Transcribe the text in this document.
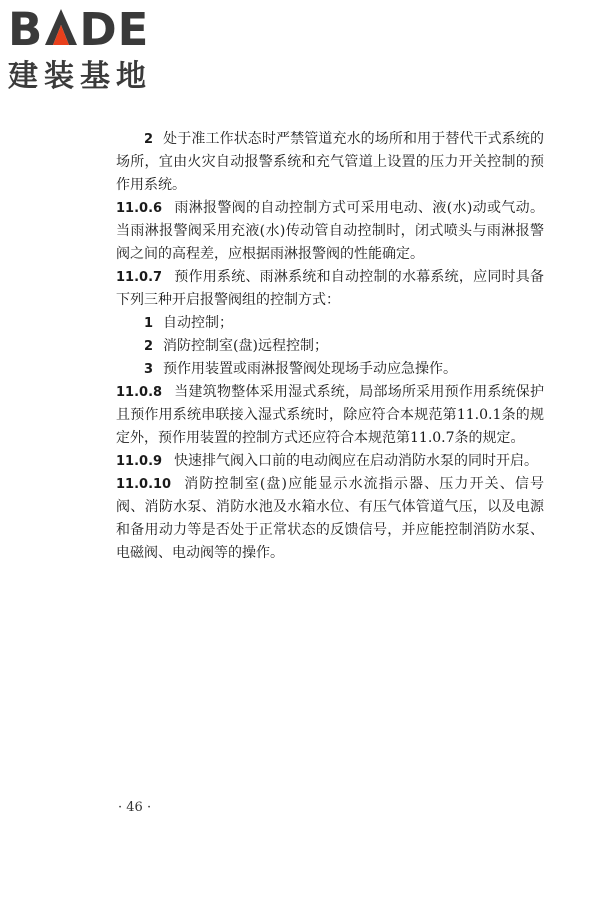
B DE
建装基地

2 处于准工作状态时严禁管道充水的场所和用于替代干式系统的场所，宜由火灾自动报警系统和充气管道上设置的压力开关控制的预作用系统。

11.0.6 雨淋报警阀的自动控制方式可采用电动、液(水)动或气动。当雨淋报警阀采用充液(水)传动管自动控制时，闭式喷头与雨淋报警阀之间的高程差，应根据雨淋报警阀的性能确定。

11.0.7 预作用系统、雨淋系统和自动控制的水幕系统，应同时具备下列三种开启报警阀组的控制方式：

1 自动控制；

2 消防控制室(盘)远程控制；

3 预作用装置或雨淋报警阀处现场手动应急操作。

11.0.8 当建筑物整体采用湿式系统，局部场所采用预作用系统保护且预作用系统串联接入湿式系统时，除应符合本规范第11.0.1条的规定外，预作用装置的控制方式还应符合本规范第11.0.7条的规定。

11.0.9 快速排气阀入口前的电动阀应在启动消防水泵的同时开启。

11.0.10 消防控制室(盘)应能显示水流指示器、压力开关、信号阀、消防水泵、消防水池及水箱水位、有压气体管道气压，以及电源和备用动力等是否处于正常状态的反馈信号，并应能控制消防水泵、电磁阀、电动阀等的操作。

· 46 ·
